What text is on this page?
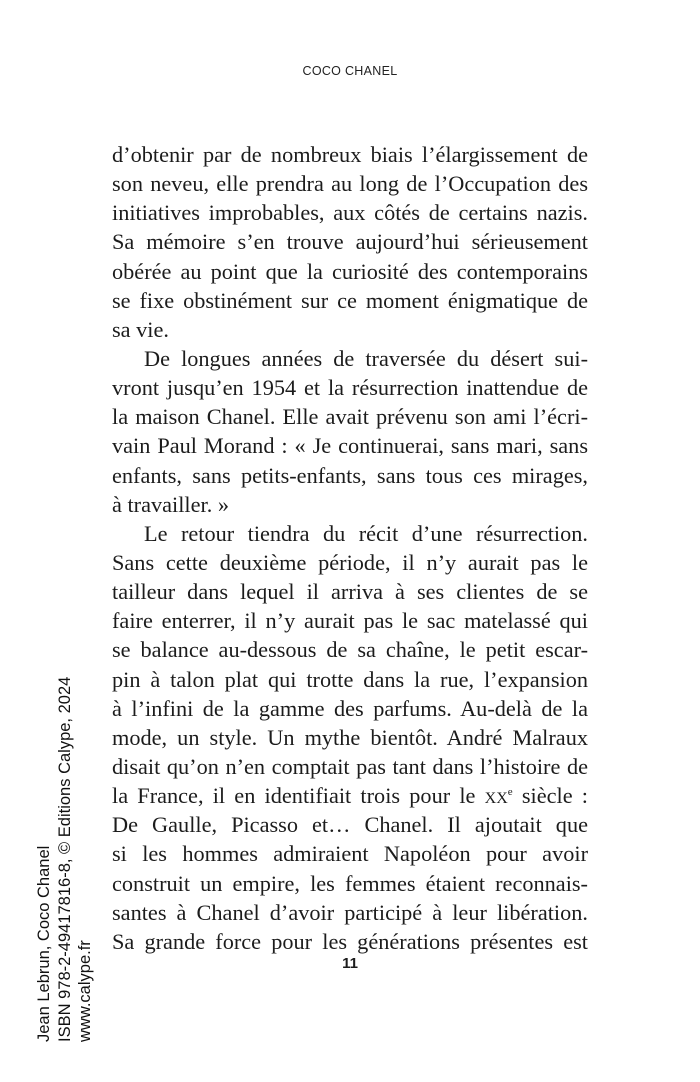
COCO CHANEL
d’obtenir par de nombreux biais l’élargissement de
son neveu, elle prendra au long de l’Occupation des
initiatives improbables, aux côtés de certains nazis.
Sa mémoire s’en trouve aujourd’hui sérieusement
obérée au point que la curiosité des contemporains
se fixe obstinément sur ce moment énigmatique de
sa vie.
De longues années de traversée du désert sui-
vront jusqu’en 1954 et la résurrection inattendue de
la maison Chanel. Elle avait prévenu son ami l’écri-
vain Paul Morand : « Je continuerai, sans mari, sans
enfants, sans petits-enfants, sans tous ces mirages,
à travailler. »
Le retour tiendra du récit d’une résurrection.
Sans cette deuxième période, il n’y aurait pas le
tailleur dans lequel il arriva à ses clientes de se
faire enterrer, il n’y aurait pas le sac matelassé qui
se balance au-dessous de sa chaîne, le petit escar-
pin à talon plat qui trotte dans la rue, l’expansion
à l’infini de la gamme des parfums. Au-delà de la
mode, un style. Un mythe bientôt. André Malraux
disait qu’on n’en comptait pas tant dans l’histoire de
la France, il en identifiait trois pour le $xx^e$ siècle :
De Gaulle, Picasso et… Chanel. Il ajoutait que
si les hommes admiraient Napoléon pour avoir
construit un empire, les femmes étaient reconnais-
santes à Chanel d’avoir participé à leur libération.
Sa grande force pour les générations présentes est
11
Jean Lebrun, Coco Chanel ISBN 978-2-49417816-8, © Editions Calype, 2024 www.calype.fr
